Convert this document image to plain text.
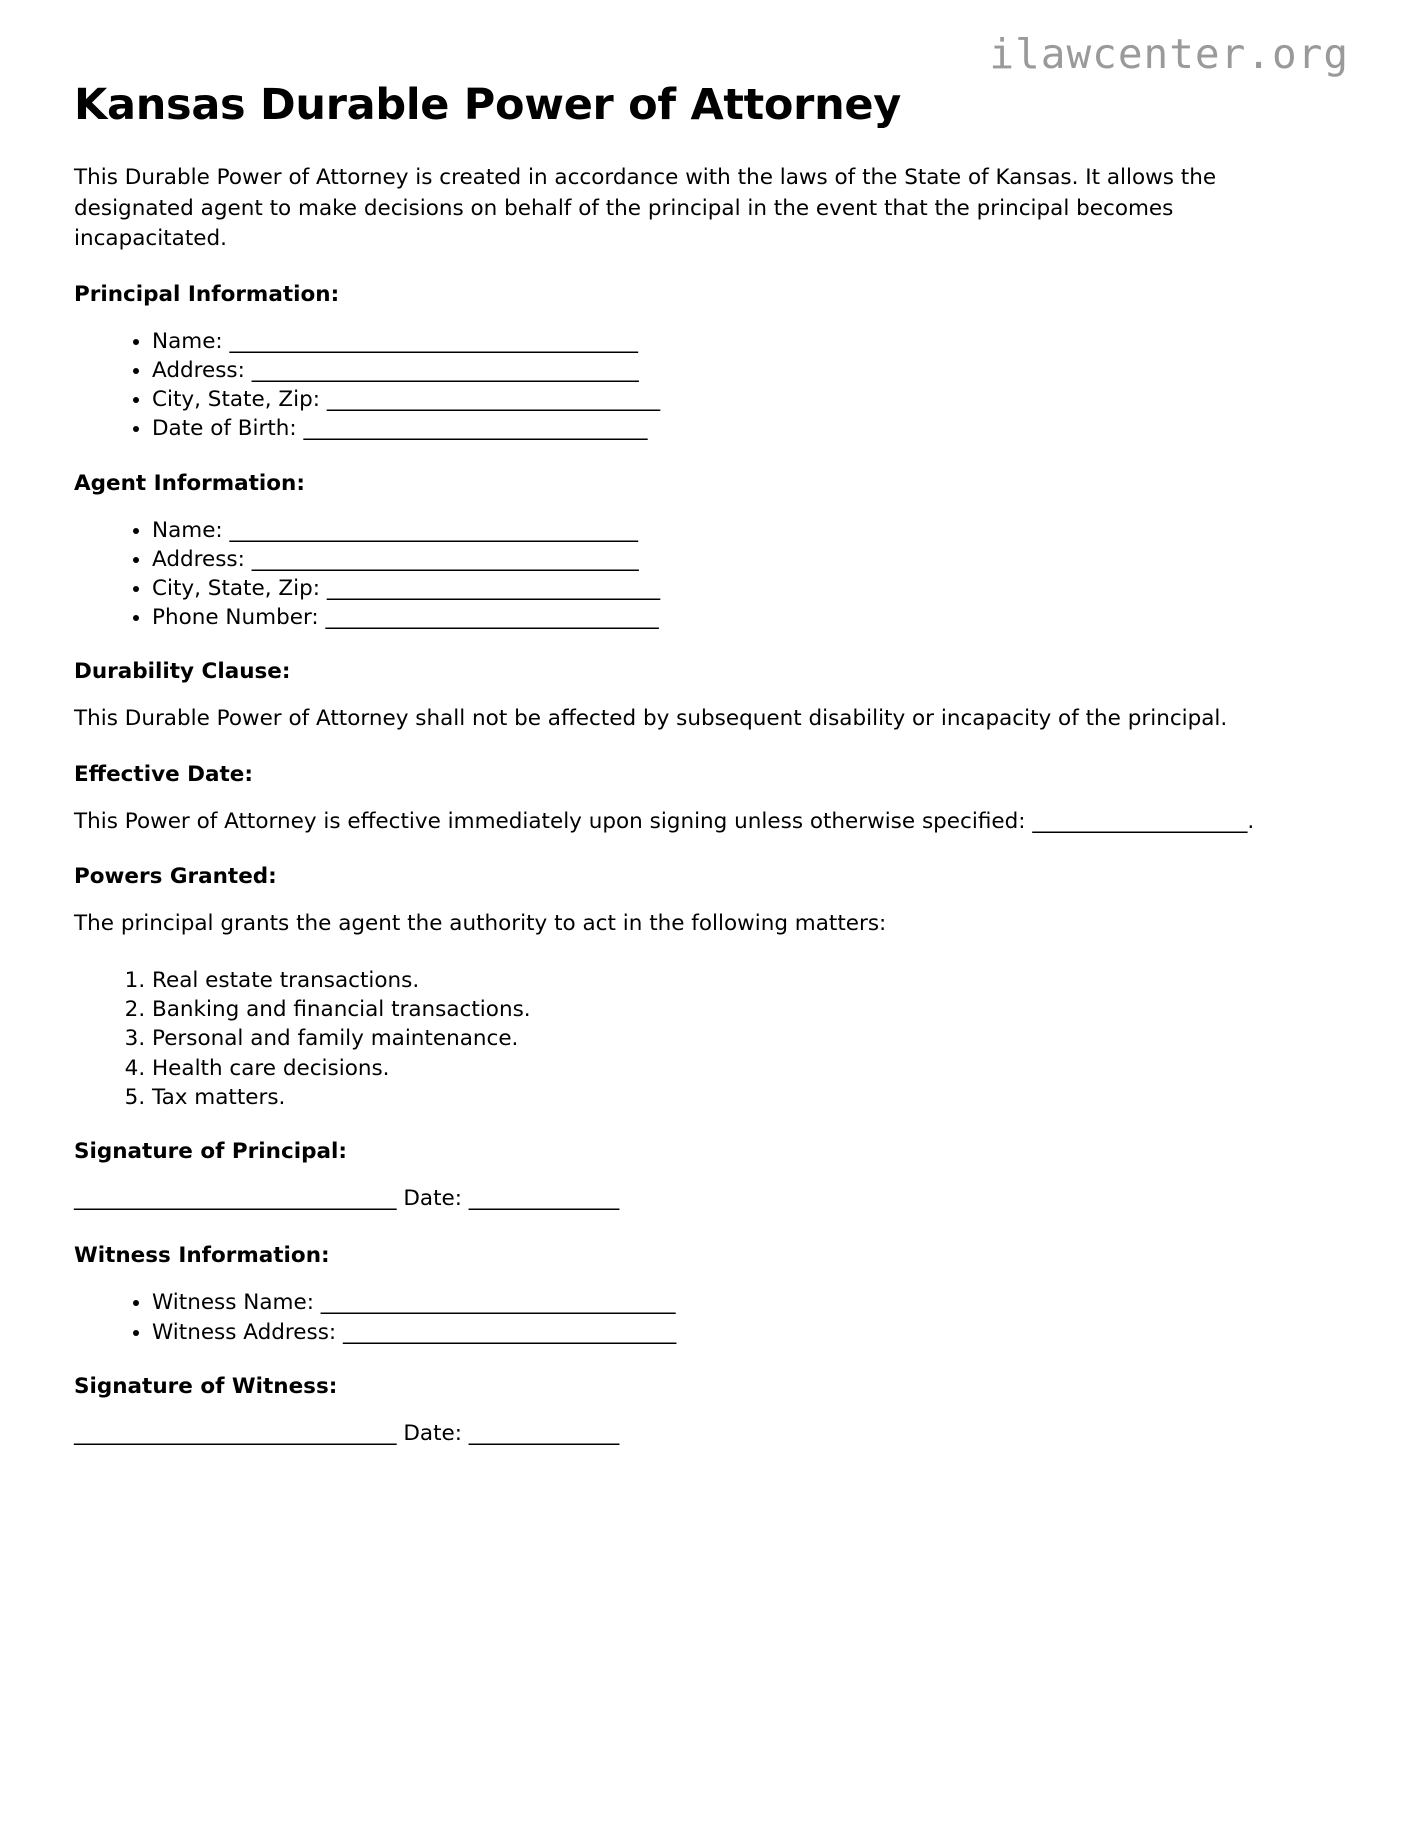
ilawcenter.org
Kansas Durable Power of Attorney

This Durable Power of Attorney is created in accordance with the laws of the State of Kansas. It allows the designated agent to make decisions on behalf of the principal in the event that the principal becomes incapacitated.

Principal Information:
• Name: ______________________________________
• Address: ____________________________________
• City, State, Zip: _______________________________
• Date of Birth: ________________________________
Agent Information:
• Name: ______________________________________
• Address: ____________________________________
• City, State, Zip: _______________________________
• Phone Number: _______________________________
Durability Clause:

This Durable Power of Attorney shall not be affected by subsequent disability or incapacity of the principal.

Effective Date:

This Power of Attorney is effective immediately upon signing unless otherwise specified: ____________________.

Powers Granted:

The principal grants the agent the authority to act in the following matters:

1. Real estate transactions.
2. Banking and financial transactions.
3. Personal and family maintenance.
4. Health care decisions.
5. Tax matters.
Signature of Principal:

______________________________ Date: ______________

Witness Information:
• Witness Name: _________________________________
• Witness Address: _______________________________
Signature of Witness:

______________________________ Date: ______________
